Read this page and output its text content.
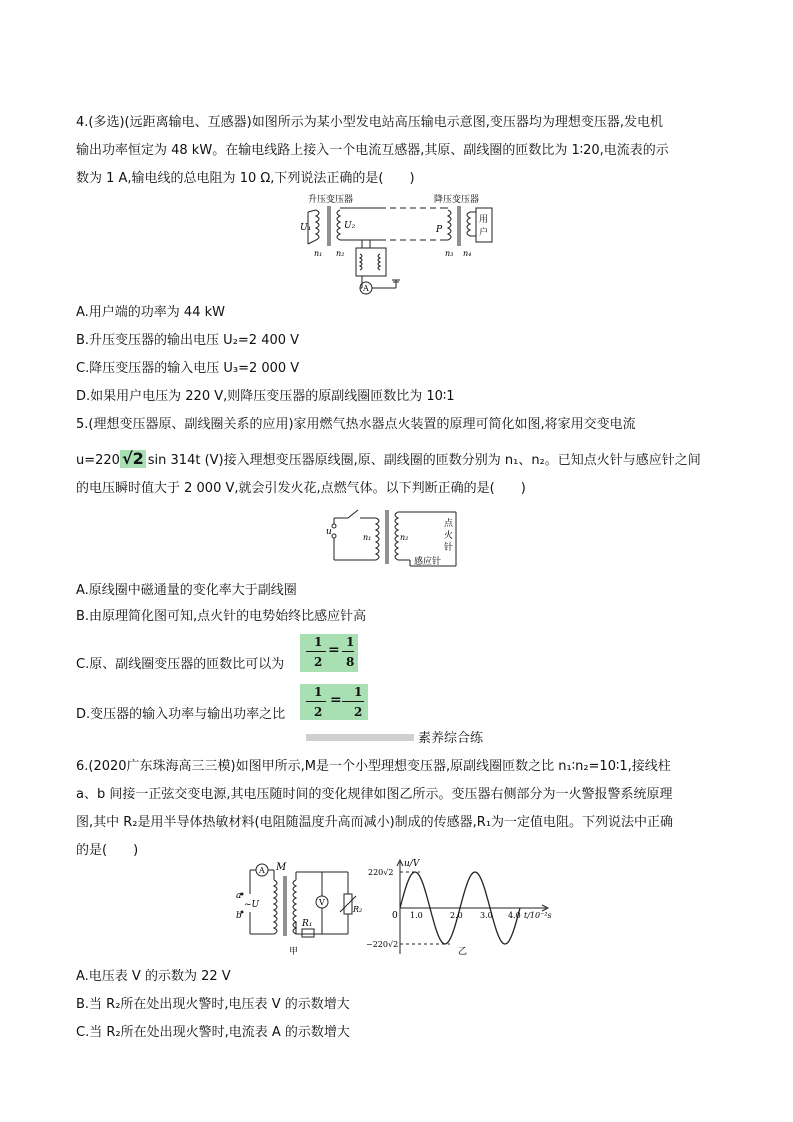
4.(多选)(远距离输电、互感器)如图所示为某小型发电站高压输电示意图,变压器均为理想变压器,发电机
输出功率恒定为 48 kW。在输电线路上接入一个电流互感器,其原、副线圈的匝数比为 1∶20,电流表的示
数为 1 A,输电线的总电阻为 10 Ω,下列说法正确的是(　　)
升压变压器	降压变压器
用
户
U₁	U₂
n₁ n₂	n₃ n₄
P
A
A.用户端的功率为 44 kW
B.升压变压器的输出电压 U₂=2 400 V
C.降压变压器的输入电压 U₃=2 000 V
D.如果用户电压为 220 V,则降压变压器的原副线圈匝数比为 10∶1
5.(理想变压器原、副线圈关系的应用)家用燃气热水器点火装置的原理可简化如图,将家用交变电流
u=220 √2 sin 314t (V)接入理想变压器原线圈,原、副线圈的匝数分别为 n₁、n₂。已知点火针与感应针之间
的电压瞬时值大于 2 000 V,就会引发火花,点燃气体。以下判断正确的是(　　)
u
n₁	n₂
点
火
针
感应针
A.原线圈中磁通量的变化率大于副线圈
B.由原理简化图可知,点火针的电势始终比感应针高
C.原、副线圈变压器的匝数比可以为
1
2
= 1
8
D.变压器的输入功率与输出功率之比
1
2
= 1
2
素养综合练
6.(2020广东珠海高三三模)如图甲所示,M是一个小型理想变压器,原副线圈匝数之比 n₁∶n₂=10∶1,接线柱
a、b 间接一正弦交变电源,其电压随时间的变化规律如图乙所示。变压器右侧部分为一火警报警系统原理
图,其中 R₂是用半导体热敏材料(电阻随温度升高而减小)制成的传感器,R₁为一定值电阻。下列说法中正确
的是(　　)
M
a
b
~U
A
V
R₁
R₂
甲
u/V
220√2
−220√2
0 1.0	2.0 3.0 4.0 t/10⁻²s
乙
A.电压表 V 的示数为 22 V
B.当 R₂所在处出现火警时,电压表 V 的示数增大
C.当 R₂所在处出现火警时,电流表 A 的示数增大
